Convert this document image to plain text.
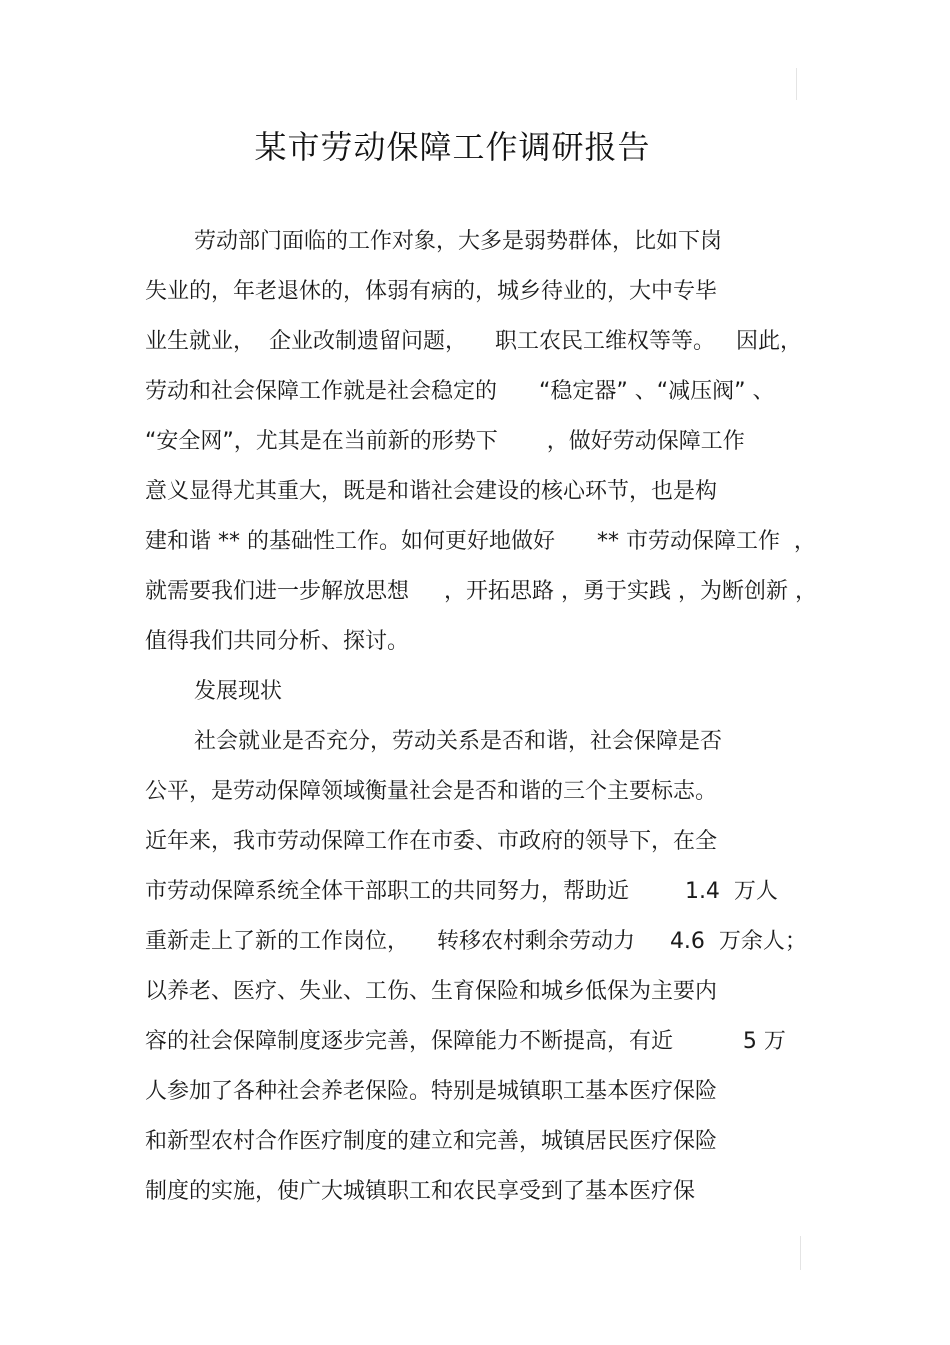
某市劳动保障工作调研报告
劳动部门面临的工作对象，大多是弱势群体，比如下岗
失业的，年老退休的，体弱有病的，城乡待业的，大中专毕
业生就业，  企业改制遗留问题，    职工农民工维权等等。   因此，
劳动和社会保障工作就是社会稳定的      “稳定器” 、“减压阀” 、
“安全网”，尤其是在当前新的形势下       ，做好劳动保障工作
意义显得尤其重大，既是和谐社会建设的核心环节，也是构
建和谐 ** 的基础性工作。如何更好地做好      ** 市劳动保障工作  ，
就需要我们进一步解放思想     ，开拓思路 ，勇于实践 ，为断创新 ，
值得我们共同分析、探讨。
发展现状
社会就业是否充分，劳动关系是否和谐，社会保障是否
公平，是劳动保障领域衡量社会是否和谐的三个主要标志。
近年来，我市劳动保障工作在市委、市政府的领导下，在全
市劳动保障系统全体干部职工的共同努力，帮助近        1.4  万人
重新走上了新的工作岗位，    转移农村剩余劳动力     4.6  万余人；
以养老、医疗、失业、工伤、生育保险和城乡低保为主要内
容的社会保障制度逐步完善，保障能力不断提高，有近          5 万
人参加了各种社会养老保险。特别是城镇职工基本医疗保险
和新型农村合作医疗制度的建立和完善，城镇居民医疗保险
制度的实施，使广大城镇职工和农民享受到了基本医疗保
